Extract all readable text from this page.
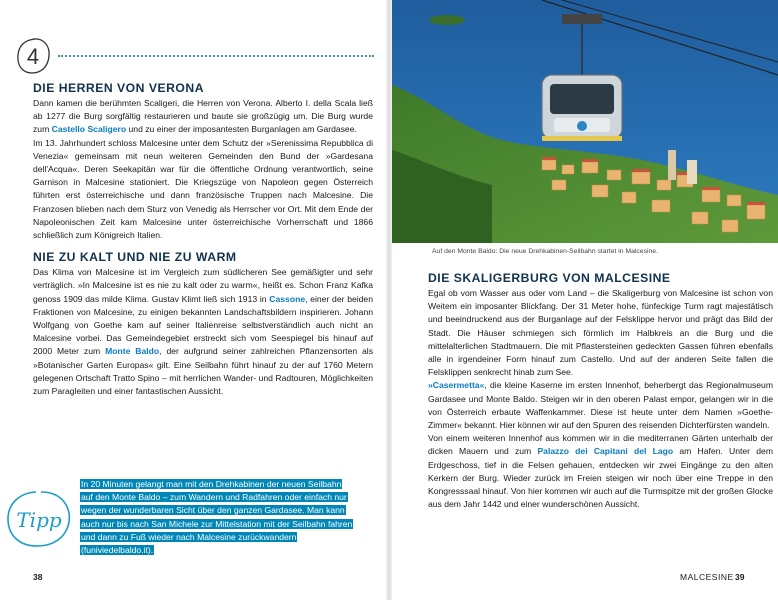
4
DIE HERREN VON VERONA

Dann kamen die berühmten Scaligeri, die Herren von Verona. Alberto I. della Scala ließ ab 1277 die Burg sorgfältig restaurieren und baute sie großzügig um. Die Burg wurde zum Castello Scaligero und zu einer der imposantesten Burganlagen am Gardasee.

Im 13. Jahrhundert schloss Malcesine unter dem Schutz der »Serenissima Repubblica di Venezia« gemeinsam mit neun weiteren Gemeinden den Bund der »Gardesana dell'Acqua«. Deren Seekapitän war für die öffentliche Ordnung verantwortlich, seine Garnison in Malcesine stationiert. Die Kriegszüge von Napoleon gegen Österreich führten erst österreichische und dann französische Truppen nach Malcesine. Die Franzosen blieben nach dem Sturz von Venedig als Herrscher vor Ort. Mit dem Ende der Napoleonischen Zeit kam Malcesine unter österreichische Vorherrschaft und 1866 schließlich zum Königreich Italien.

NIE ZU KALT UND NIE ZU WARM

Das Klima von Malcesine ist im Vergleich zum südlicheren See gemäßigter und sehr verträglich. »In Malcesine ist es nie zu kalt oder zu warm«, heißt es. Schon Franz Kafka genoss 1909 das milde Klima. Gustav Klimt ließ sich 1913 in Cassone, einer der beiden Fraktionen von Malcesine, zu einigen bekannten Landschaftsbildern inspirieren. Johann Wolfgang von Goethe kam auf seiner Italienreise selbstverständlich auch nicht an Malcesine vorbei. Das Gemeindegebiet erstreckt sich vom Seespiegel bis hinauf auf 2000 Meter zum Monte Baldo, der aufgrund seiner zahlreichen Pflanzensorten als »Botanischer Garten Europas« gilt. Eine Seilbahn führt hinauf zu der auf 1760 Metern gelegenen Ortschaft Tratto Spino – mit herrlichen Wander- und Radtouren, Möglichkeiten zum Paragleiten und einer fantastischen Aussicht.

Tipp
In 20 Minuten gelangt man mit den Drehkabinen der neuen Seilbahn auf den Monte Baldo – zum Wandern und Radfahren oder einfach nur wegen der wunderbaren Sicht über den ganzen Gardasee. Man kann auch nur bis nach San Michele zur Mittelstation mit der Seilbahn fahren und dann zu Fuß wieder nach Malcesine zurückwandern (funiviedelbaldo.it).
38
Auf den Monte Baldo: Die neue Drehkabinen-Seilbahn startet in Malcesine.
DIE SKALIGERBURG VON MALCESINE

Egal ob vom Wasser aus oder vom Land – die Skaligerburg von Malcesine ist schon von Weitem ein imposanter Blickfang. Der 31 Meter hohe, fünfeckige Turm ragt majestätisch und beeindruckend aus der Burganlage auf der Felsklippe hervor und prägt das Bild der Stadt. Die Häuser schmiegen sich förmlich im Halbkreis an die Burg und die mittelalterlichen Stadtmauern. Die mit Pflastersteinen gedeckten Gassen führen ebenfalls alle in irgendeiner Form hinauf zum Castello. Und auf der anderen Seite fallen die Felsklippen senkrecht hinab zum See.

»Casermetta«, die kleine Kaserne im ersten Innenhof, beherbergt das Regionalmuseum Gardasee und Monte Baldo. Steigen wir in den oberen Palast empor, gelangen wir in die von Österreich erbaute Waffenkammer. Diese ist heute unter dem Namen »Goethe-Zimmer« bekannt. Hier können wir auf den Spuren des reisenden Dichterfürsten wandeln.

Von einem weiteren Innenhof aus kommen wir in die mediterranen Gärten unterhalb der dicken Mauern und zum Palazzo dei Capitani del Lago am Hafen. Unter dem Erdgeschoss, tief in die Felsen gehauen, entdecken wir zwei Eingänge zu den alten Kerkern der Burg. Wieder zurück im Freien steigen wir noch über eine Treppe in den Kongresssaal hinauf. Von hier kommen wir auch auf die Turmspitze mit der großen Glocke aus dem Jahr 1442 und einer wunderschönen Aussicht.

MALCESINE 39
